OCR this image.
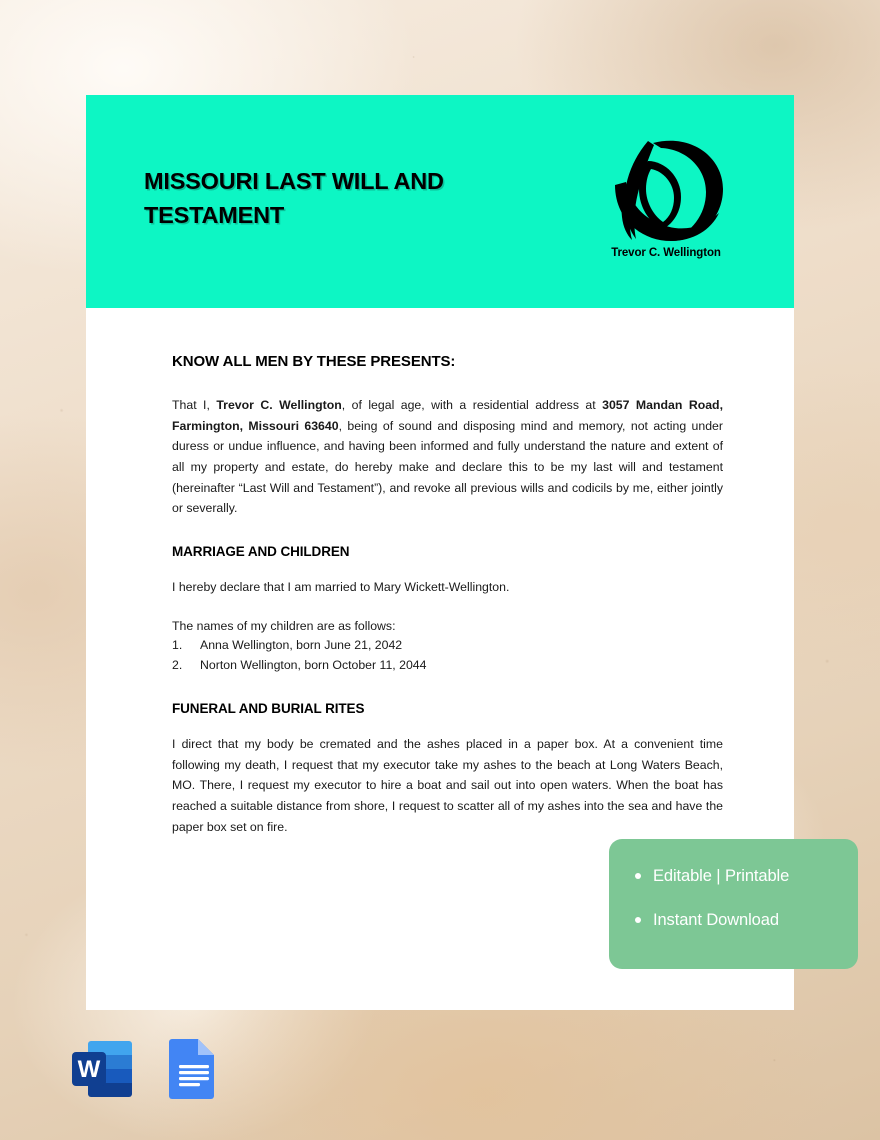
MISSOURI LAST WILL AND TESTAMENT
Trevor C. Wellington
KNOW ALL MEN BY THESE PRESENTS:

That I, Trevor C. Wellington, of legal age, with a residential address at 3057 Mandan Road, Farmington, Missouri 63640, being of sound and disposing mind and memory, not acting under duress or undue influence, and having been informed and fully understand the nature and extent of all my property and estate, do hereby make and declare this to be my last will and testament (hereinafter “Last Will and Testament”), and revoke all previous wills and codicils by me, either jointly or severally.

MARRIAGE AND CHILDREN

I hereby declare that I am married to Mary Wickett-Wellington.

The names of my children are as follows:

1.	Anna Wellington, born June 21, 2042
2.	Norton Wellington, born October 11, 2044
FUNERAL AND BURIAL RITES

I direct that my body be cremated and the ashes placed in a paper box. At a convenient time following my death, I request that my executor take my ashes to the beach at Long Waters Beach, MO. There, I request my executor to hire a boat and sail out into open waters. When the boat has reached a suitable distance from shore, I request to scatter all of my ashes into the sea and have the paper box set on fire.

Editable | Printable
Instant Download
W
